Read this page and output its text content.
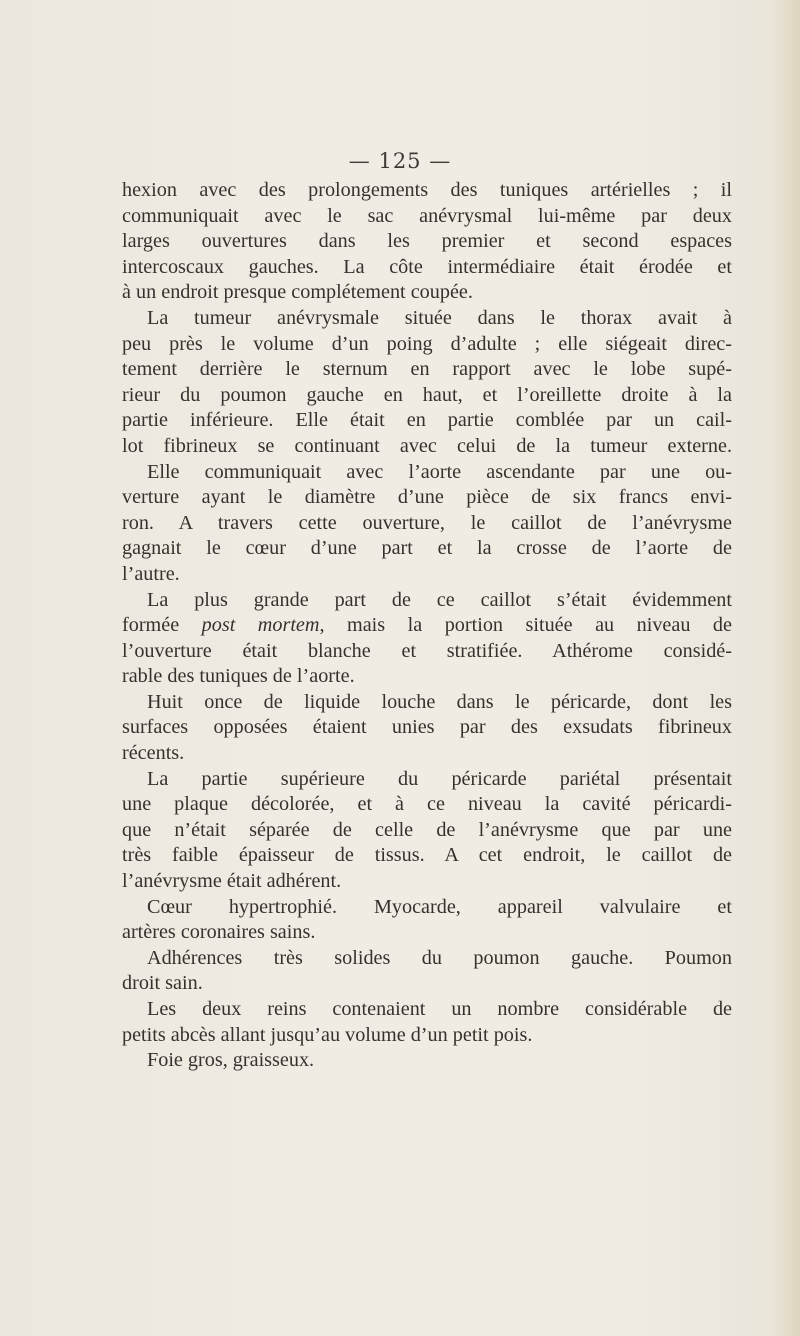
— 125 —
hexion avec des prolongements des tuniques artérielles ; il
communiquait avec le sac anévrysmal lui-même par deux
larges ouvertures dans les premier et second espaces
intercoscaux gauches. La côte intermédiaire était érodée et
à un endroit presque complétement coupée.
La tumeur anévrysmale située dans le thorax avait à
peu près le volume d’un poing d’adulte ; elle siégeait direc-
tement derrière le sternum en rapport avec le lobe supé-
rieur du poumon gauche en haut, et l’oreillette droite à la
partie inférieure. Elle était en partie comblée par un cail-
lot fibrineux se continuant avec celui de la tumeur externe.
Elle communiquait avec l’aorte ascendante par une ou-
verture ayant le diamètre d’une pièce de six francs envi-
ron. A travers cette ouverture, le caillot de l’anévrysme
gagnait le cœur d’une part et la crosse de l’aorte de
l’autre.
La plus grande part de ce caillot s’était évidemment
formée post mortem, mais la portion située au niveau de
l’ouverture était blanche et stratifiée. Athérome considé-
rable des tuniques de l’aorte.
Huit once de liquide louche dans le péricarde, dont les
surfaces opposées étaient unies par des exsudats fibrineux
récents.
La partie supérieure du péricarde pariétal présentait
une plaque décolorée, et à ce niveau la cavité péricardi-
que n’était séparée de celle de l’anévrysme que par une
très faible épaisseur de tissus. A cet endroit, le caillot de
l’anévrysme était adhérent.
Cœur hypertrophié. Myocarde, appareil valvulaire et
artères coronaires sains.
Adhérences très solides du poumon gauche. Poumon
droit sain.
Les deux reins contenaient un nombre considérable de
petits abcès allant jusqu’au volume d’un petit pois.
Foie gros, graisseux.
